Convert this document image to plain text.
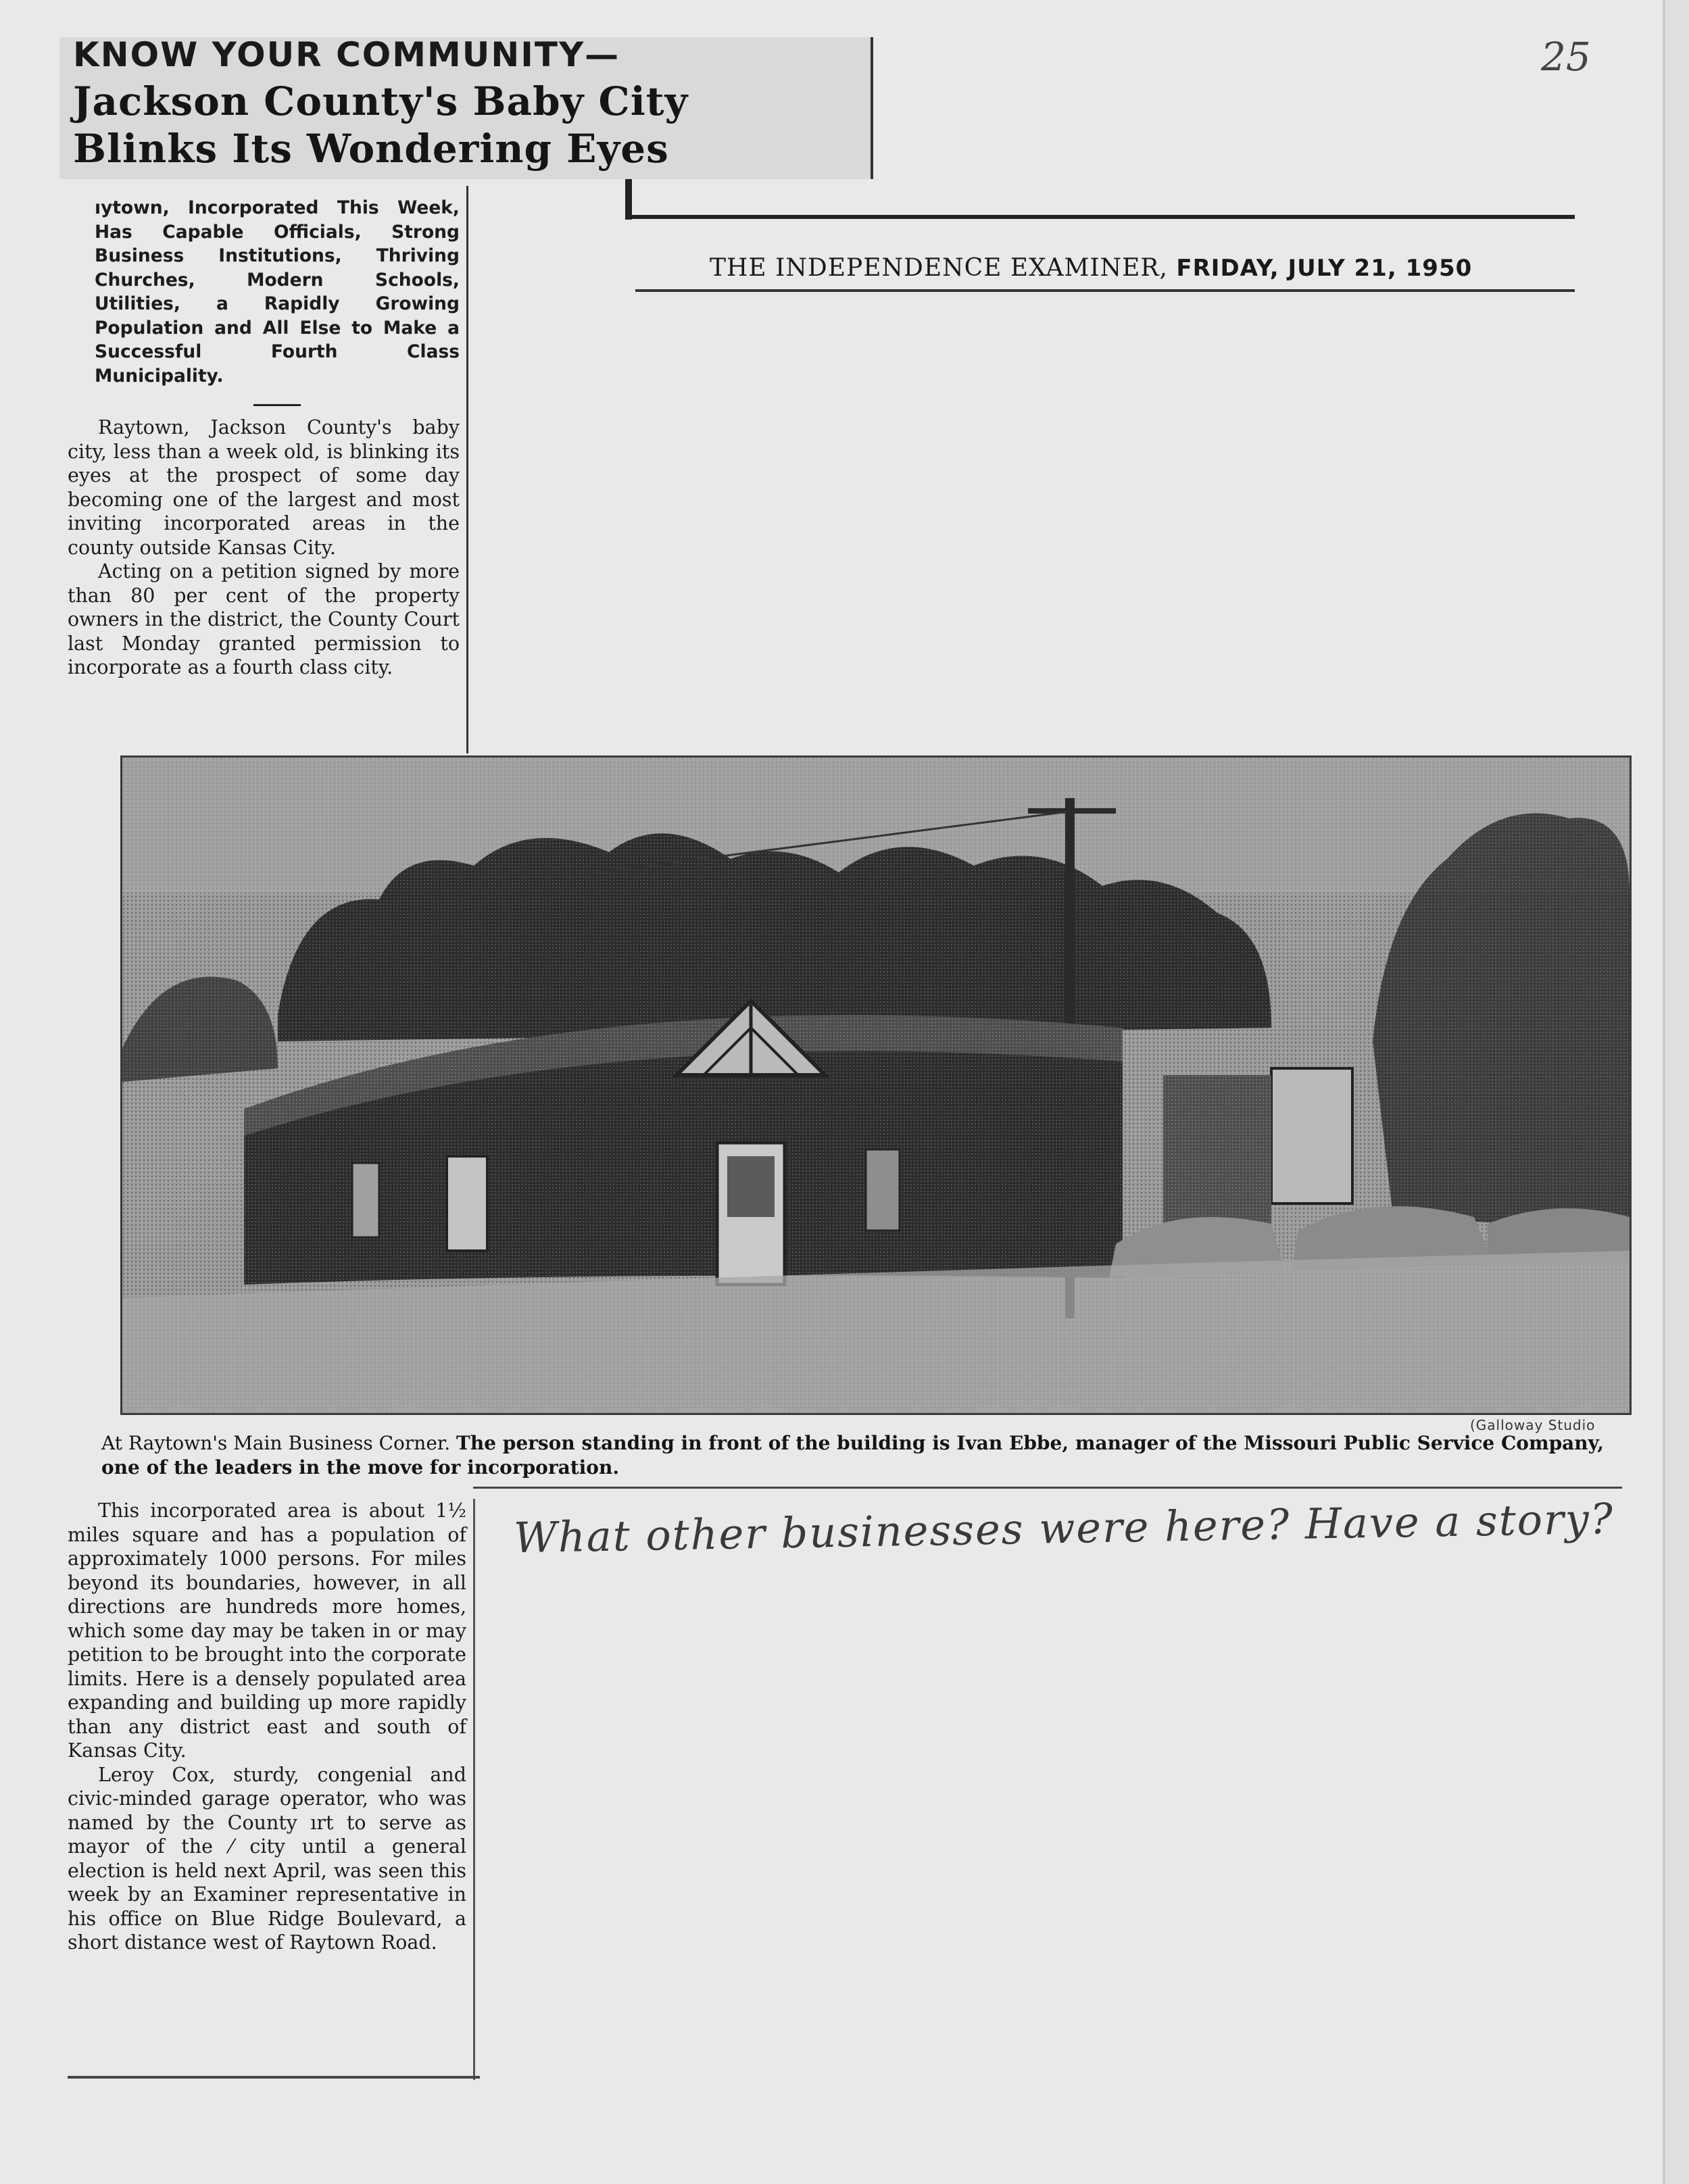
25
KNOW YOUR COMMUNITY—
Jackson County's Baby City
Blinks Its Wondering Eyes
THE INDEPENDENCE EXAMINER, FRIDAY, JULY 21, 1950
ıytown, Incorporated This Week, Has Capable Officials, Strong Business Institutions, Thriving Churches, Modern Schools, Utilities, a Rapidly Growing Population and All Else to Make a Successful Fourth Class Municipality.

Raytown, Jackson County's baby city, less than a week old, is blinking its eyes at the prospect of some day becoming one of the largest and most inviting incorporated areas in the county outside Kansas City.

Acting on a petition signed by more than 80 per cent of the property owners in the district, the County Court last Monday granted permission to incorporate as a fourth class city.

(Galloway Studio
At Raytown's Main Business Corner. The person standing in front of the building is Ivan Ebbe, manager of the Missouri Public Service Company, one of the leaders in the move for incorporation.

This incorporated area is about 1½ miles square and has a population of approximately 1000 persons. For miles beyond its boundaries, however, in all directions are hundreds more homes, which some day may be taken in or may petition to be brought into the corporate limits. Here is a densely populated area expanding and building up more rapidly than any district east and south of Kansas City.

Leroy Cox, sturdy, congenial and civic-minded garage operator, who was named by the County ırt to serve as mayor of the ⁄ city until a general election is held next April, was seen this week by an Examiner representative in his office on Blue Ridge Boulevard, a short distance west of Raytown Road.

What other businesses were here? Have a story?
